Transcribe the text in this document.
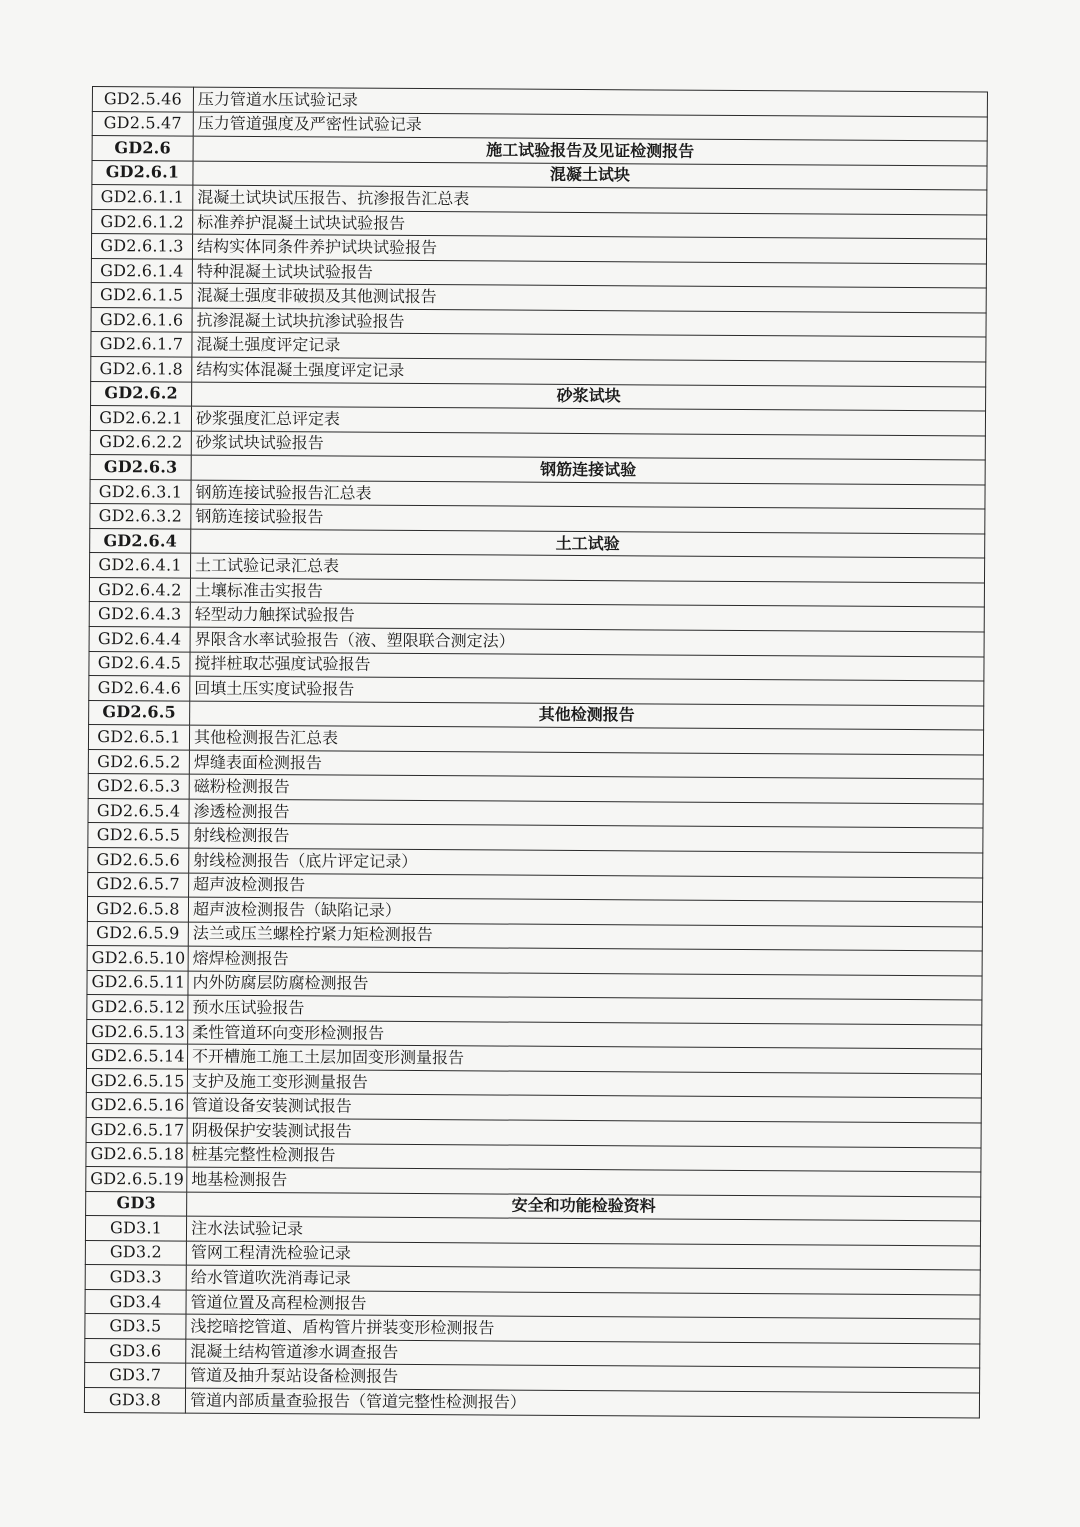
GD2.5.46	压力管道水压试验记录
GD2.5.47	压力管道强度及严密性试验记录
GD2.6	施工试验报告及见证检测报告
GD2.6.1	混凝土试块
GD2.6.1.1	混凝土试块试压报告、抗渗报告汇总表
GD2.6.1.2	标准养护混凝土试块试验报告
GD2.6.1.3	结构实体同条件养护试块试验报告
GD2.6.1.4	特种混凝土试块试验报告
GD2.6.1.5	混凝土强度非破损及其他测试报告
GD2.6.1.6	抗渗混凝土试块抗渗试验报告
GD2.6.1.7	混凝土强度评定记录
GD2.6.1.8	结构实体混凝土强度评定记录
GD2.6.2	砂浆试块
GD2.6.2.1	砂浆强度汇总评定表
GD2.6.2.2	砂浆试块试验报告
GD2.6.3	钢筋连接试验
GD2.6.3.1	钢筋连接试验报告汇总表
GD2.6.3.2	钢筋连接试验报告
GD2.6.4	土工试验
GD2.6.4.1	土工试验记录汇总表
GD2.6.4.2	土壤标准击实报告
GD2.6.4.3	轻型动力触探试验报告
GD2.6.4.4	界限含水率试验报告（液、塑限联合测定法）
GD2.6.4.5	搅拌桩取芯强度试验报告
GD2.6.4.6	回填土压实度试验报告
GD2.6.5	其他检测报告
GD2.6.5.1	其他检测报告汇总表
GD2.6.5.2	焊缝表面检测报告
GD2.6.5.3	磁粉检测报告
GD2.6.5.4	渗透检测报告
GD2.6.5.5	射线检测报告
GD2.6.5.6	射线检测报告（底片评定记录）
GD2.6.5.7	超声波检测报告
GD2.6.5.8	超声波检测报告（缺陷记录）
GD2.6.5.9	法兰或压兰螺栓拧紧力矩检测报告
GD2.6.5.10	熔焊检测报告
GD2.6.5.11	内外防腐层防腐检测报告
GD2.6.5.12	预水压试验报告
GD2.6.5.13	柔性管道环向变形检测报告
GD2.6.5.14	不开槽施工施工土层加固变形测量报告
GD2.6.5.15	支护及施工变形测量报告
GD2.6.5.16	管道设备安装测试报告
GD2.6.5.17	阴极保护安装测试报告
GD2.6.5.18	桩基完整性检测报告
GD2.6.5.19	地基检测报告
GD3	安全和功能检验资料
GD3.1	注水法试验记录
GD3.2	管网工程清洗检验记录
GD3.3	给水管道吹洗消毒记录
GD3.4	管道位置及高程检测报告
GD3.5	浅挖暗挖管道、盾构管片拼装变形检测报告
GD3.6	混凝土结构管道渗水调查报告
GD3.7	管道及抽升泵站设备检测报告
GD3.8	管道内部质量查验报告（管道完整性检测报告）
